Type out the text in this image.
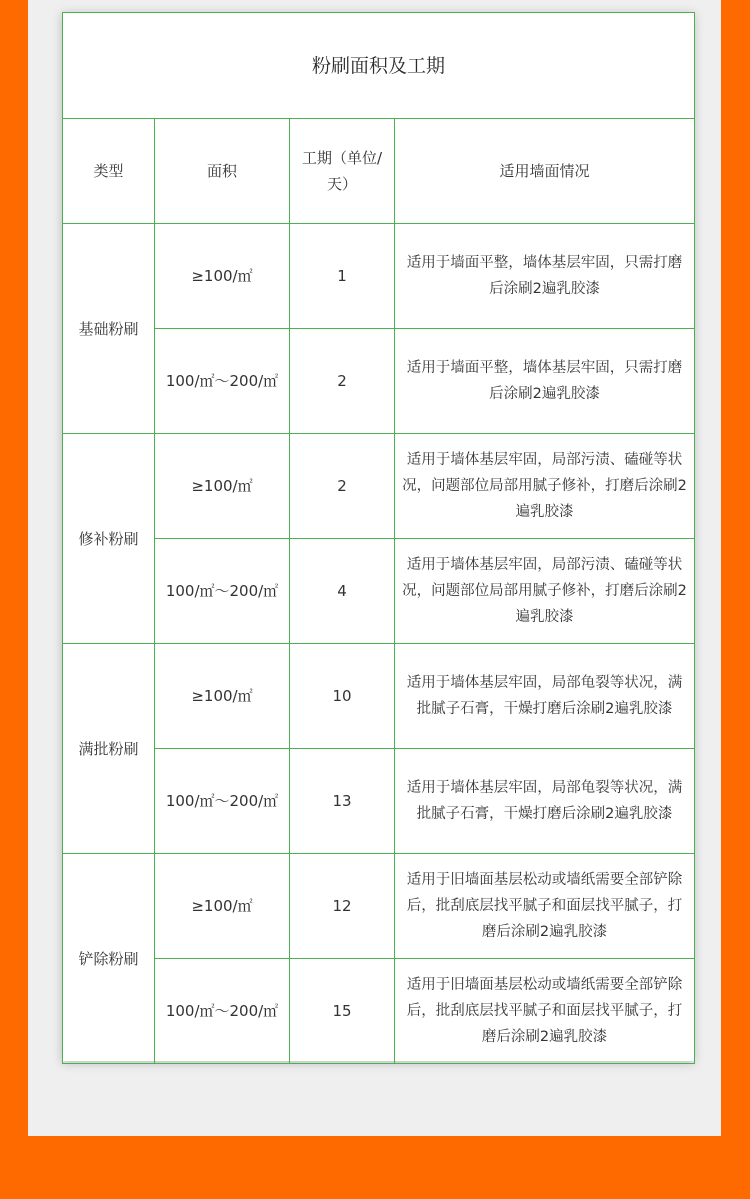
粉刷面积及工期			
类型	面积	工期（单位/天）	适用墙面情况
基础粉刷	≥100/㎡	1	适用于墙面平整，墙体基层牢固，只需打磨后涂刷2遍乳胶漆
	100/㎡～200/㎡	2	适用于墙面平整，墙体基层牢固，只需打磨后涂刷2遍乳胶漆
修补粉刷	≥100/㎡	2	适用于墙体基层牢固，局部污渍、磕碰等状况，问题部位局部用腻子修补，打磨后涂刷2遍乳胶漆
	100/㎡～200/㎡	4	适用于墙体基层牢固，局部污渍、磕碰等状况，问题部位局部用腻子修补，打磨后涂刷2遍乳胶漆
满批粉刷	≥100/㎡	10	适用于墙体基层牢固，局部龟裂等状况，满批腻子石膏，干燥打磨后涂刷2遍乳胶漆
	100/㎡～200/㎡	13	适用于墙体基层牢固，局部龟裂等状况，满批腻子石膏，干燥打磨后涂刷2遍乳胶漆
铲除粉刷	≥100/㎡	12	适用于旧墙面基层松动或墙纸需要全部铲除后，批刮底层找平腻子和面层找平腻子，打磨后涂刷2遍乳胶漆
	100/㎡～200/㎡	15	适用于旧墙面基层松动或墙纸需要全部铲除后，批刮底层找平腻子和面层找平腻子，打磨后涂刷2遍乳胶漆
